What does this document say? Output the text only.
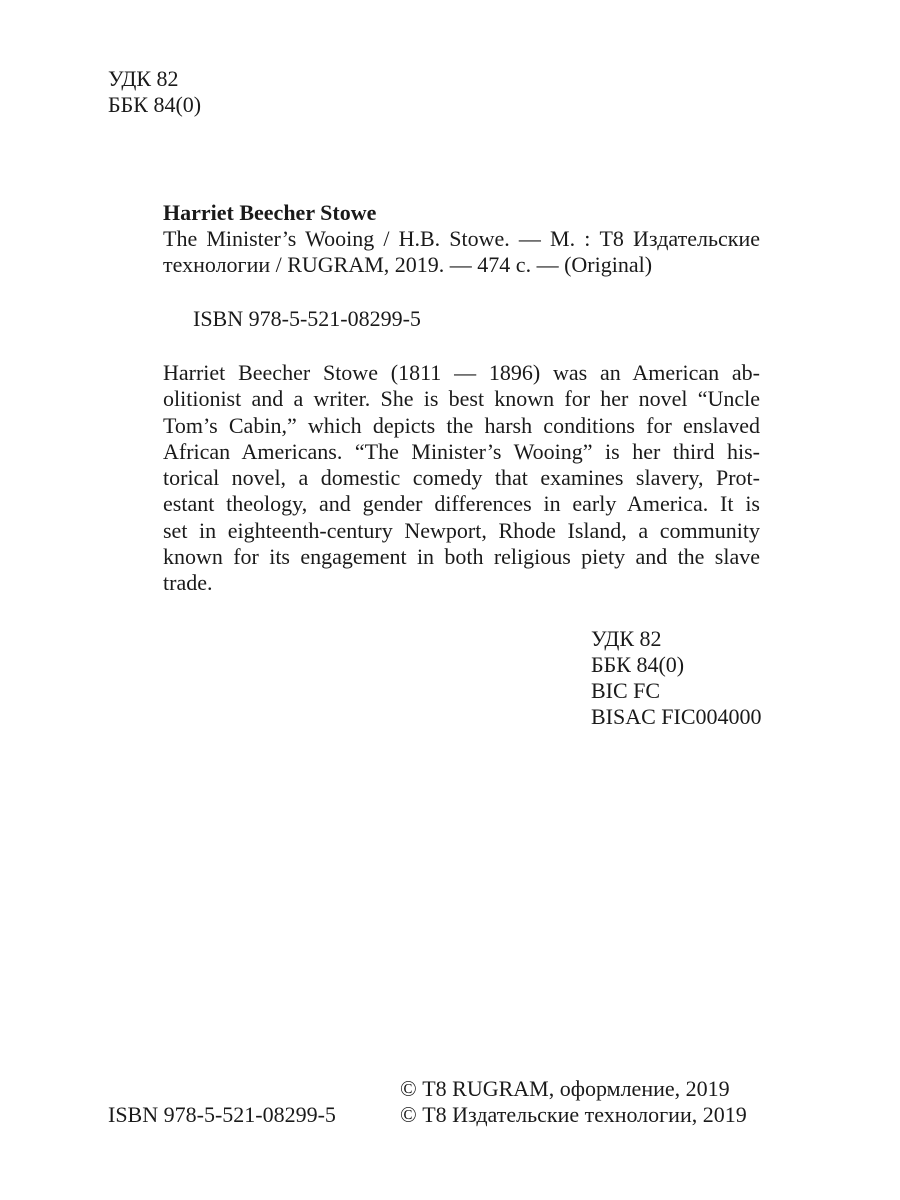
УДК 82
ББК 84(0)
Harriet Beecher Stowe
The Minister’s Wooing / H.B. Stowe. — М. : Т8 Издательские
технологии / RUGRAM, 2019. — 474 с. — (Original)
ISBN 978-5-521-08299-5
Harriet Beecher Stowe (1811 — 1896) was an American ab-
olitionist and a writer. She is best known for her novel “Uncle
Tom’s Cabin,” which depicts the harsh conditions for enslaved
African Americans. “The Minister’s Wooing” is her third his-
torical novel, a domestic comedy that examines slavery, Prot-
estant theology, and gender differences in early America. It is
set in eighteenth-century Newport, Rhode Island, a community
known for its engagement in both religious piety and the slave
trade.
УДК 82
ББК 84(0)
BIC FC
BISAC FIC004000
ISBN 978-5-521-08299-5
© Т8 RUGRAM, оформление, 2019
© Т8 Издательские технологии, 2019
